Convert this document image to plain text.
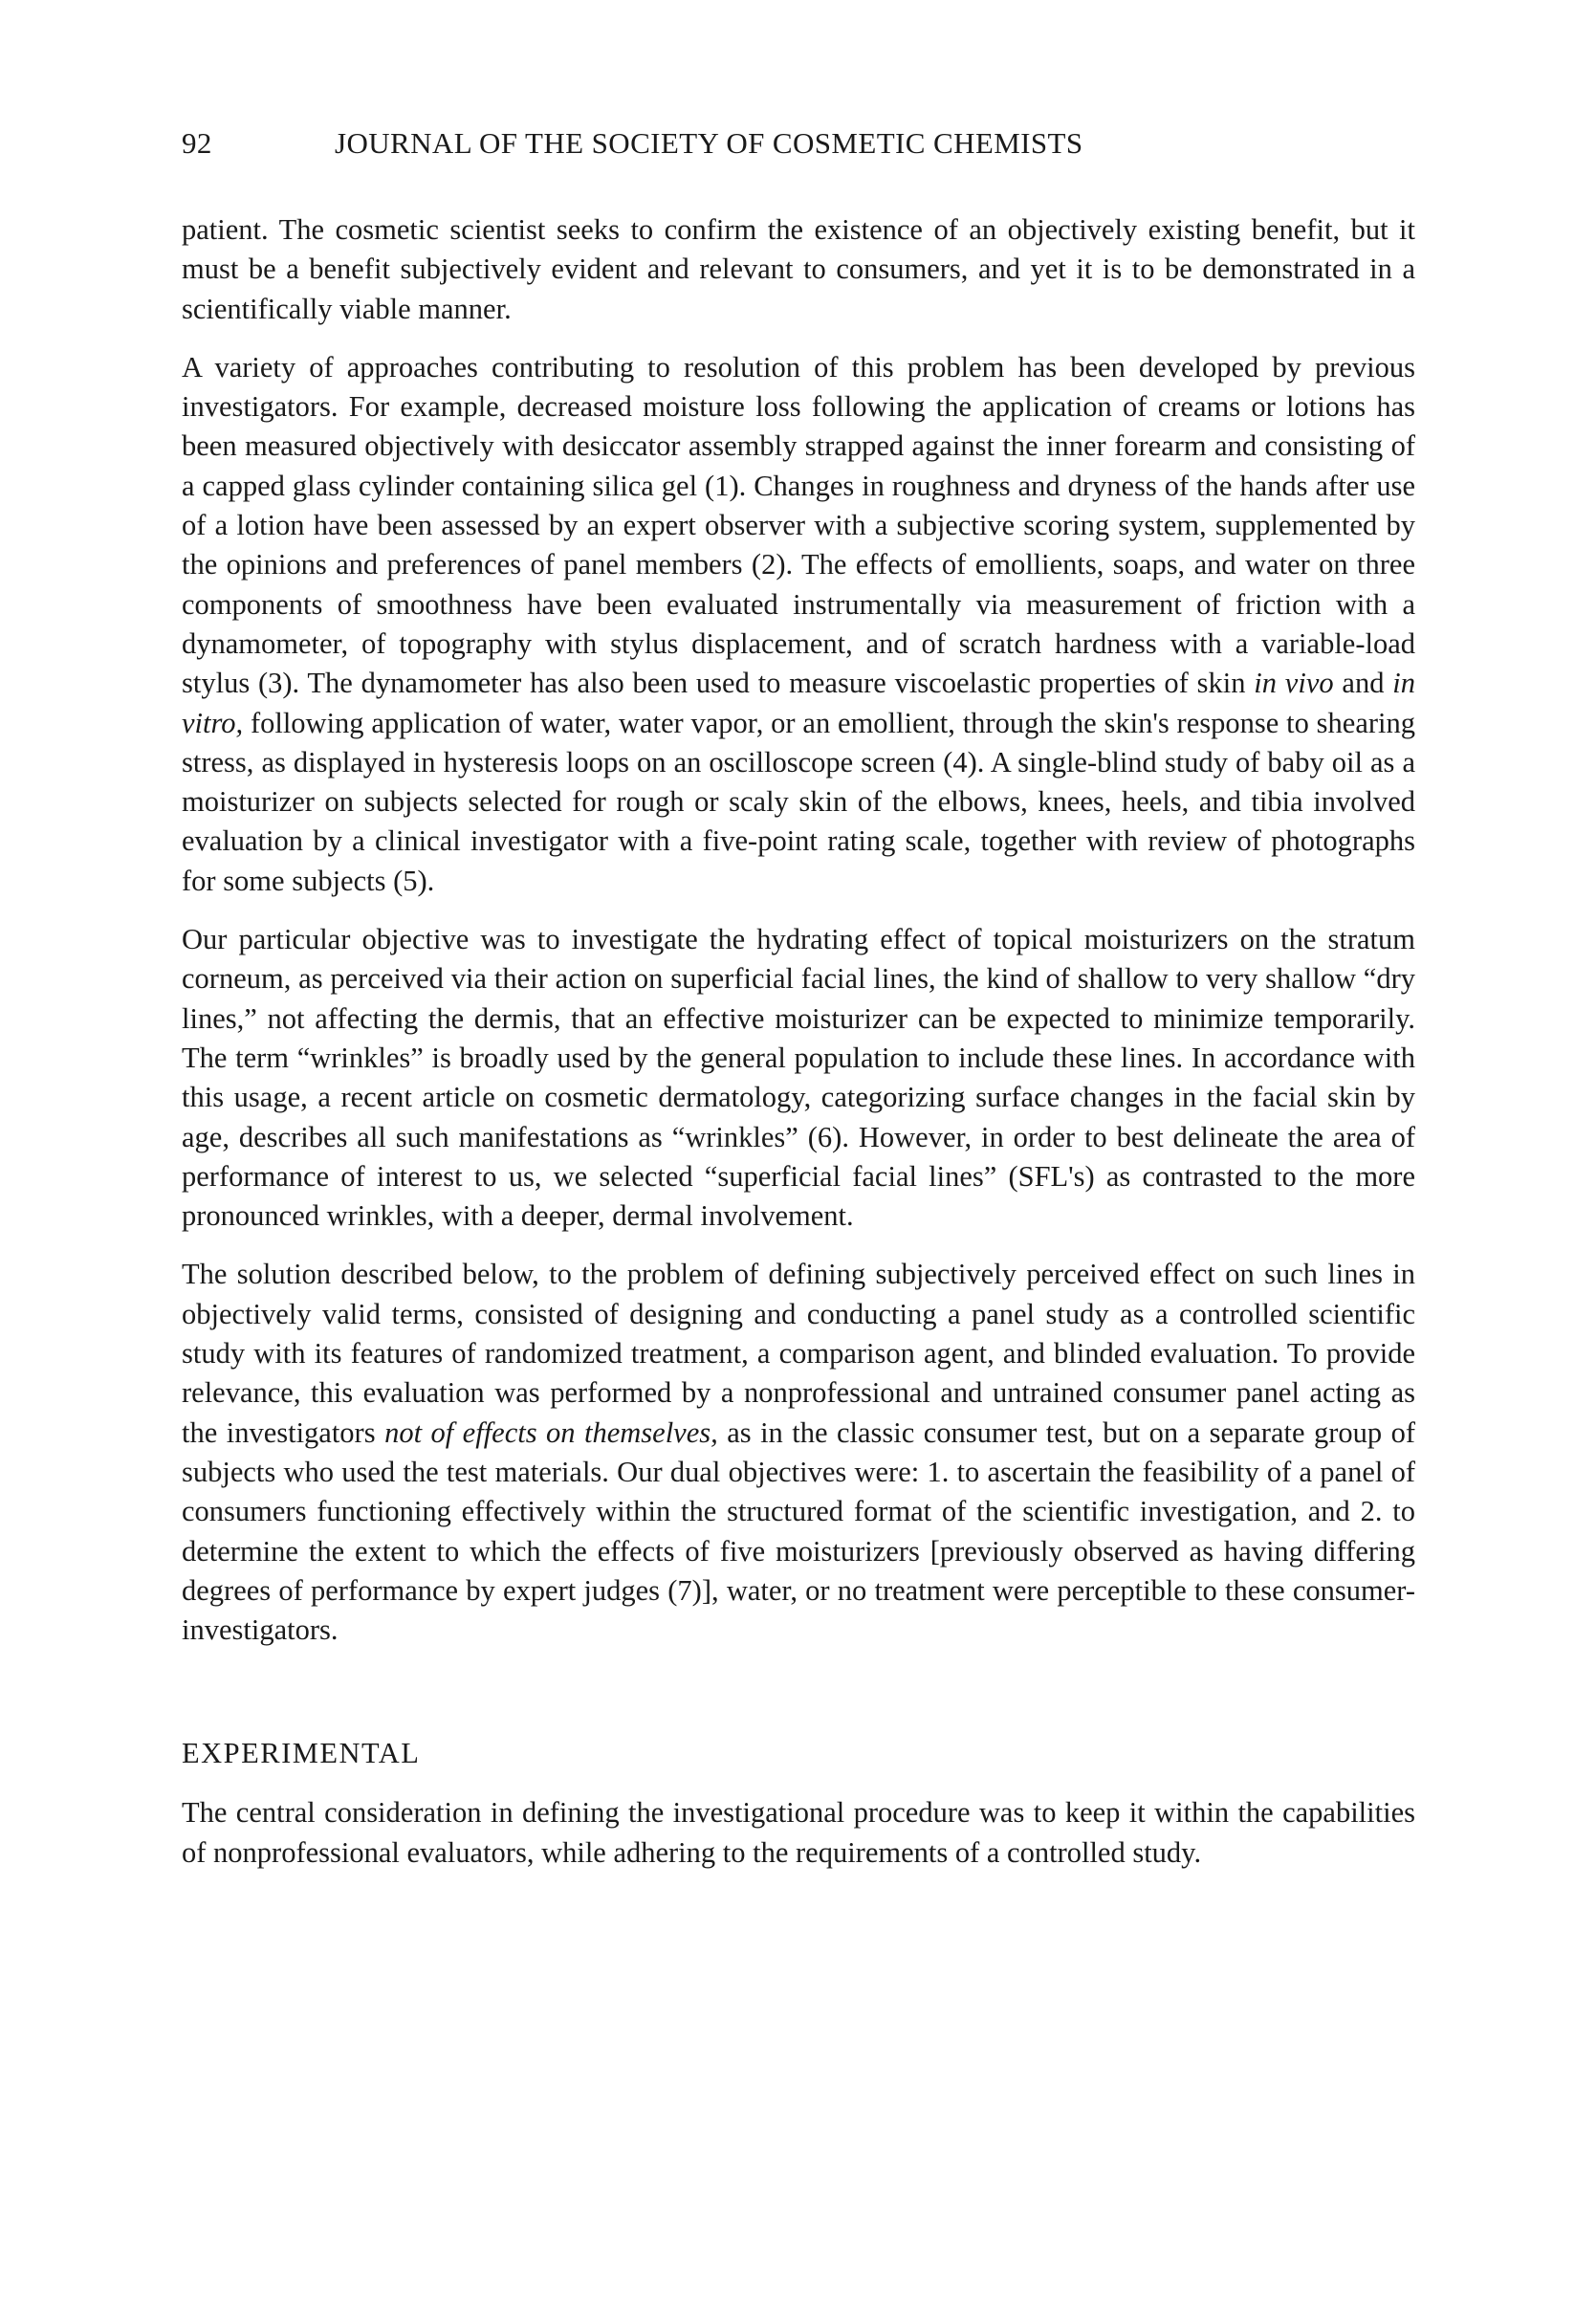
92	JOURNAL OF THE SOCIETY OF COSMETIC CHEMISTS

patient. The cosmetic scientist seeks to confirm the existence of an objectively existing benefit, but it must be a benefit subjectively evident and relevant to consumers, and yet it is to be demonstrated in a scientifically viable manner.

A variety of approaches contributing to resolution of this problem has been developed by previous investigators. For example, decreased moisture loss following the application of creams or lotions has been measured objectively with desiccator assembly strapped against the inner forearm and consisting of a capped glass cylinder containing silica gel (1). Changes in roughness and dryness of the hands after use of a lotion have been assessed by an expert observer with a subjective scoring system, supplemented by the opinions and preferences of panel members (2). The effects of emollients, soaps, and water on three components of smoothness have been evaluated instrumentally via measurement of friction with a dynamometer, of topography with stylus displacement, and of scratch hardness with a variable-load stylus (3). The dynamometer has also been used to measure viscoelastic properties of skin in vivo and in vitro, following application of water, water vapor, or an emollient, through the skin's response to shearing stress, as displayed in hysteresis loops on an oscilloscope screen (4). A single-blind study of baby oil as a moisturizer on subjects selected for rough or scaly skin of the elbows, knees, heels, and tibia involved evaluation by a clinical investigator with a five-point rating scale, together with review of photographs for some subjects (5).

Our particular objective was to investigate the hydrating effect of topical moisturizers on the stratum corneum, as perceived via their action on superficial facial lines, the kind of shallow to very shallow “dry lines,” not affecting the dermis, that an effective moisturizer can be expected to minimize temporarily. The term “wrinkles” is broadly used by the general population to include these lines. In accordance with this usage, a recent article on cosmetic dermatology, categorizing surface changes in the facial skin by age, describes all such manifestations as “wrinkles” (6). However, in order to best delineate the area of performance of interest to us, we selected “superficial facial lines” (SFL's) as contrasted to the more pronounced wrinkles, with a deeper, dermal involvement.

The solution described below, to the problem of defining subjectively perceived effect on such lines in objectively valid terms, consisted of designing and conducting a panel study as a controlled scientific study with its features of randomized treatment, a comparison agent, and blinded evaluation. To provide relevance, this evaluation was performed by a nonprofessional and untrained consumer panel acting as the investigators not of effects on themselves, as in the classic consumer test, but on a separate group of subjects who used the test materials. Our dual objectives were: 1. to ascertain the feasibility of a panel of consumers functioning effectively within the structured format of the scientific investigation, and 2. to determine the extent to which the effects of five moisturizers [previously observed as having differing degrees of performance by expert judges (7)], water, or no treatment were perceptible to these consumer-investigators.

EXPERIMENTAL

The central consideration in defining the investigational procedure was to keep it within the capabilities of nonprofessional evaluators, while adhering to the requirements of a controlled study.
